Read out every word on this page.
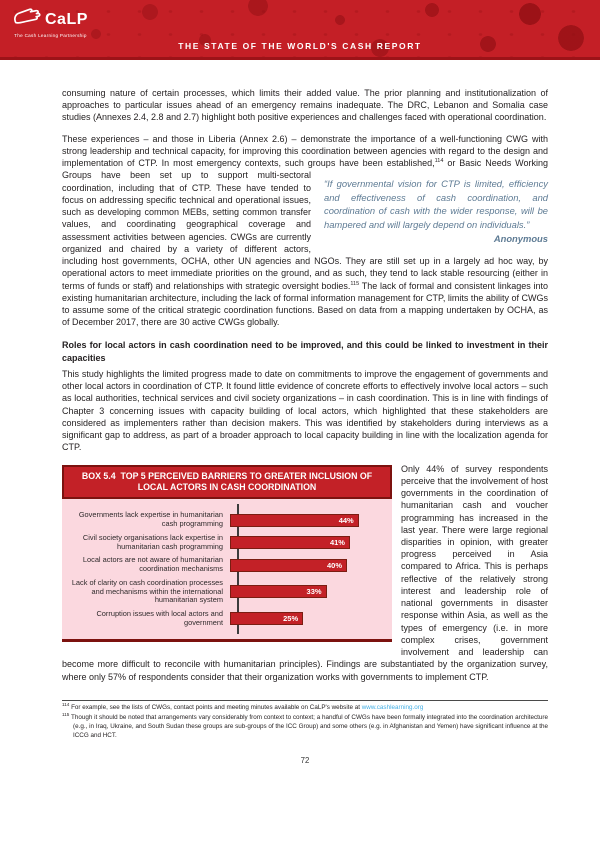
CaLP
The Cash Learning Partnership
THE STATE OF THE WORLD'S CASH REPORT
consuming nature of certain processes, which limits their added value. The prior planning and institutionalization of approaches to particular issues ahead of an emergency remains inadequate. The DRC, Lebanon and Somalia case studies (Annexes 2.4, 2.8 and 2.7) highlight both positive experiences and challenges faced with operational coordination.
These experiences – and those in Liberia (Annex 2.6) – demonstrate the importance of a well-functioning CWG with strong leadership and technical capacity, for improving this coordination between agencies with regard to the design and implementation of CTP. In most emergency contexts, such groups have been established,$^{114}$ or
“If governmental vision for CTP is limited, efficiency and effectiveness of cash coordination, and coordination of cash with the wider response, will be hampered and will largely depend on individuals.”
Anonymous
Basic Needs Working Groups have been set up to support multi-sectoral coordination, including that of CTP. These have tended to focus on addressing specific technical and operational issues, such as developing common MEBs, setting common transfer values, and coordinating geographical coverage and assessment activities between agencies. CWGs are currently organized and chaired by a variety of different actors, including host governments, OCHA, other UN agencies and NGOs. They are still set up in a largely ad hoc way, by operational actors to meet immediate priorities on the ground, and as such, they tend to lack stable resourcing (either in terms of funds or staff) and relationships with strategic oversight bodies.$^{115}$ The lack of formal and consistent linkages into existing humanitarian architecture, including the lack of formal information management for CTP, limits the ability of CWGs to assume some of the critical strategic coordination functions. Based on data from a mapping undertaken by OCHA, as of December 2017, there are 30 active CWGs globally.
Roles for local actors in cash coordination need to be improved, and this could be linked to investment in their capacities
This study highlights the limited progress made to date on commitments to improve the engagement of governments and other local actors in coordination of CTP. It found little evidence of concrete efforts to effectively involve local actors – such as local authorities, technical services and civil society organizations – in cash coordination. This is in line with findings of Chapter 3 concerning issues with capacity building of local actors, which highlighted that these stakeholders are considered as implementers rather than decision makers. This was identified by stakeholders during interviews as a significant gap to address, as part of a broader approach to local capacity building in line with the localization agenda for CTP.
BOX 5.4 TOP 5 PERCEIVED BARRIERS TO GREATER INCLUSION OF LOCAL ACTORS IN CASH COORDINATION
Governments lack expertise in humanitarian cash programming	44%
Civil society organisations lack expertise in humanitarian cash programming	41%
Local actors are not aware of humanitarian coordination mechanisms	40%
Lack of clarity on cash coordination processes and mechanisms within the international humanitarian system
33%
Corruption issues with local actors and government	25%
Only 44% of survey respondents perceive that the involvement of host governments in the coordination of humanitarian cash and voucher programming has increased in the last year. There were large regional disparities in opinion, with greater progress perceived in Asia compared to Africa. This is perhaps reflective of the relatively strong interest and leadership role of national governments in disaster response within Asia, as well as the types of emergency (i.e. in more complex crises, government involvement and leadership can become more difficult to reconcile with humanitarian principles). Findings are substantiated by the organization survey, where only 57% of respondents consider that their organization works with governments to implement CTP.
$^{114}$ For example, see the lists of CWGs, contact points and meeting minutes available on CaLP's website at www.cashlearning.org
$^{115}$ Though it should be noted that arrangements vary considerably from context to context; a handful of CWGs have been formally integrated into the coordination architecture (e.g., in Iraq, Ukraine, and South Sudan these groups are sub-groups of the ICC Group) and some others (e.g. in Afghanistan and Yemen) have significant influence at the ICCG and HCT.
72
